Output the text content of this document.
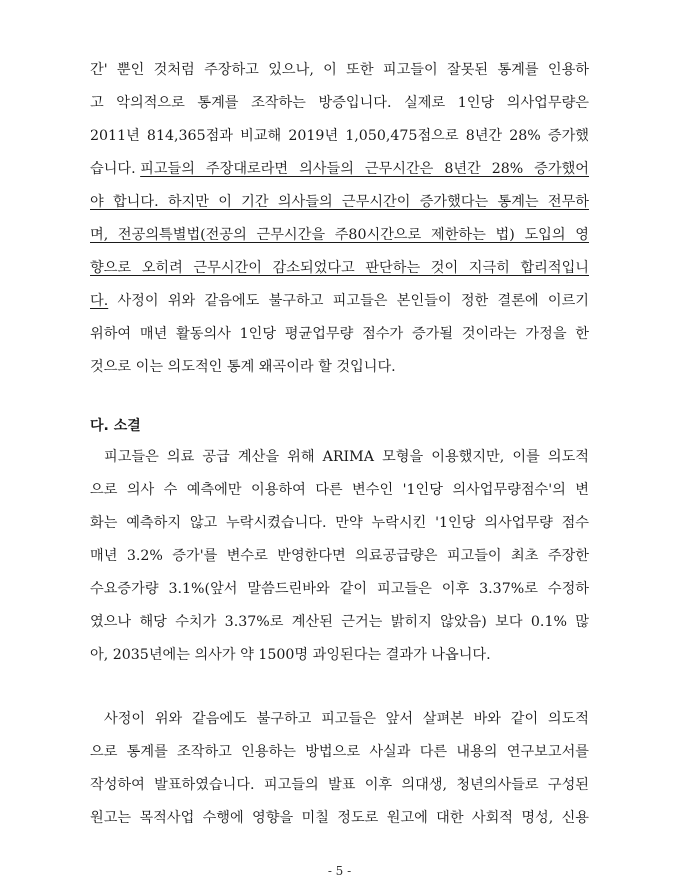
간' 뿐인 것처럼 주장하고 있으나, 이 또한 피고들이 잘못된 통계를 인용하
고 악의적으로 통계를 조작하는 방증입니다. 실제로 1인당 의사업무량은
2011년 814,365점과 비교해 2019년 1,050,475점으로 8년간 28% 증가했
습니다. 피고들의 주장대로라면 의사들의 근무시간은 8년간 28% 증가했어
야 합니다. 하지만 이 기간 의사들의 근무시간이 증가했다는 통계는 전무하
며, 전공의특별법(전공의 근무시간을 주80시간으로 제한하는 법) 도입의 영
향으로 오히려 근무시간이 감소되었다고 판단하는 것이 지극히 합리적입니
다. 사정이 위와 같음에도 불구하고 피고들은 본인들이 정한 결론에 이르기
위하여 매년 활동의사 1인당 평균업무량 점수가 증가될 것이라는 가정을 한
것으로 이는 의도적인 통계 왜곡이라 할 것입니다.
다. 소결
피고들은 의료 공급 계산을 위해 ARIMA 모형을 이용했지만, 이를 의도적
으로 의사 수 예측에만 이용하여 다른 변수인 '1인당 의사업무량점수'의 변
화는 예측하지 않고 누락시켰습니다. 만약 누락시킨 '1인당 의사업무량 점수
매년 3.2% 증가'를 변수로 반영한다면 의료공급량은 피고들이 최초 주장한
수요증가량 3.1%(앞서 말씀드린바와 같이 피고들은 이후 3.37%로 수정하
였으나 해당 수치가 3.37%로 계산된 근거는 밝히지 않았음) 보다 0.1% 많
아, 2035년에는 의사가 약 1500명 과잉된다는 결과가 나옵니다.
사정이 위와 같음에도 불구하고 피고들은 앞서 살펴본 바와 같이 의도적
으로 통계를 조작하고 인용하는 방법으로 사실과 다른 내용의 연구보고서를
작성하여 발표하였습니다. 피고들의 발표 이후 의대생, 청년의사들로 구성된
원고는 목적사업 수행에 영향을 미칠 정도로 원고에 대한 사회적 명성, 신용
- 5 -
